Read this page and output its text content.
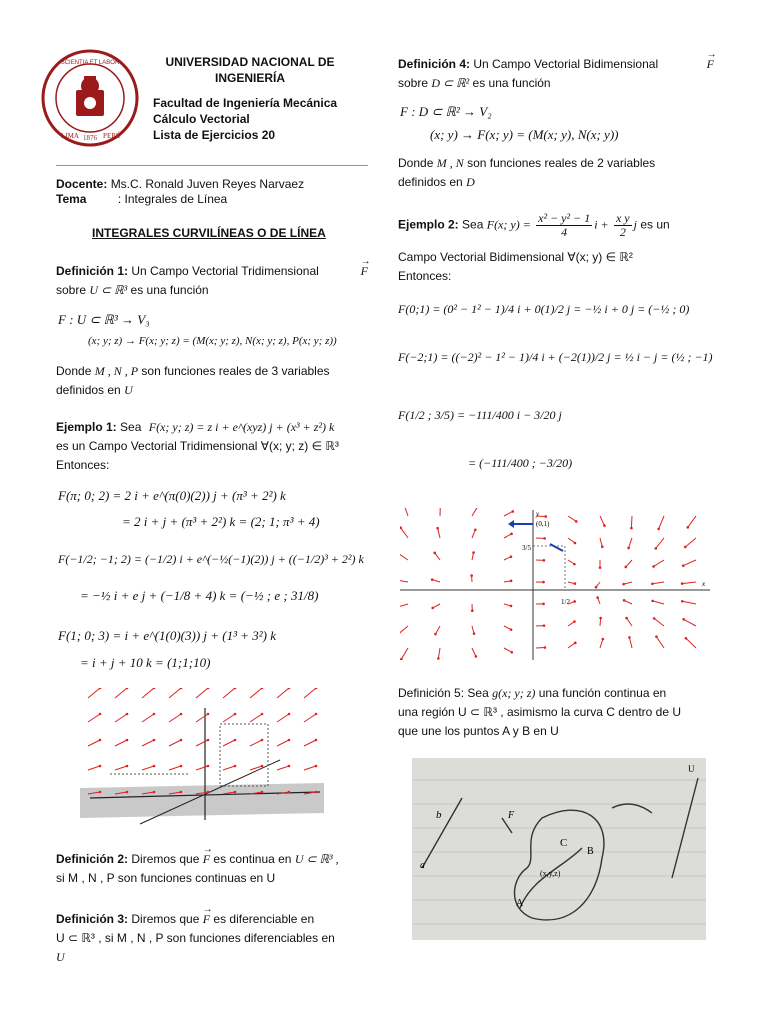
SCIENTIA ET LABOR
LIMA 1876 PERÚ
UNIVERSIDAD NACIONAL DE INGENIERÍA
Facultad de Ingeniería Mecánica
Cálculo Vectorial
Lista de Ejercicios 20
Docente: Ms.C. Ronald Juven Reyes Narvaez
Tema	: Integrales de Línea
INTEGRALES CURVILÍNEAS O DE LÍNEA
Definición 1: Un Campo Vectorial Tridimensional	→ F

sobre U ⊂ ℝ³ es una función
F : U ⊂ ℝ³ → V₃
(x; y; z) → F(x; y; z) = (M(x; y; z), N(x; y; z), P(x; y; z))
Donde M , N , P son funciones reales de 3 variables
definidos en U
Ejemplo 1: Sea F(x; y; z) = z i + e^(xyz) j + (x³ + z²) k
es un Campo Vectorial Tridimensional ∀(x; y; z) ∈ ℝ³
Entonces:
F(π; 0; 2) = 2 i + e^(π(0)(2)) j + (π³ + 2²) k
= 2 i + j + (π³ + 2²) k = (2; 1; π³ + 4)
F(−1/2; −1; 2) = (−1/2) i + e^(−½(−1)(2)) j + ((−1/2)³ + 2²) k
= −½ i + e j + (−1/8 + 4) k = (−½ ; e ; 31/8)
F(1; 0; 3) = i + e^(1(0)(3)) j + (1³ + 3²) k
= i + j + 10 k = (1;1;10)
Definición 2: Diremos que → F es continua en U ⊂ ℝ³ ,
si M , N , P son funciones continuas en U
Definición 3: Diremos que → F es diferenciable en
U ⊂ ℝ³ , si M , N , P son funciones diferenciables en
U
Definición 4: Un Campo Vectorial Bidimensional	→ F

sobre D ⊂ ℝ² es una función
F : D ⊂ ℝ² → V₂
(x; y) → F(x; y) = (M(x; y), N(x; y))
Donde M , N son funciones reales de 2 variables
definidos en D
Ejemplo 2: Sea F(x; $y) = \frac{\text{x² − y² − 1}}{4}$ $i + \frac{\text{x y}}{2}$ j es un
Campo Vectorial Bidimensional ∀(x; y) ∈ ℝ²
Entonces:
F(0;1) = (0² − 1² − 1)/4 i + 0(1)/2 j = −½ i + 0 j = (−½ ; 0)
F(−2;1) = ((−2)² − 1² − 1)/4 i + (−2(1))/2 j = ½ i − j = (½ ; −1)
F(1/2 ; 3/5) = −111/400 i − 3/20 j
= (−111/400 ; −3/20)
y
x
(0,1)
3/5
1/2
Definición 5: Sea g(x; y; z) una función continua en
una región U ⊂ ℝ³ , asimismo la curva C dentro de U
que une los puntos A y B en U
b	F
C
B
A
a
U
(x,y,z)
